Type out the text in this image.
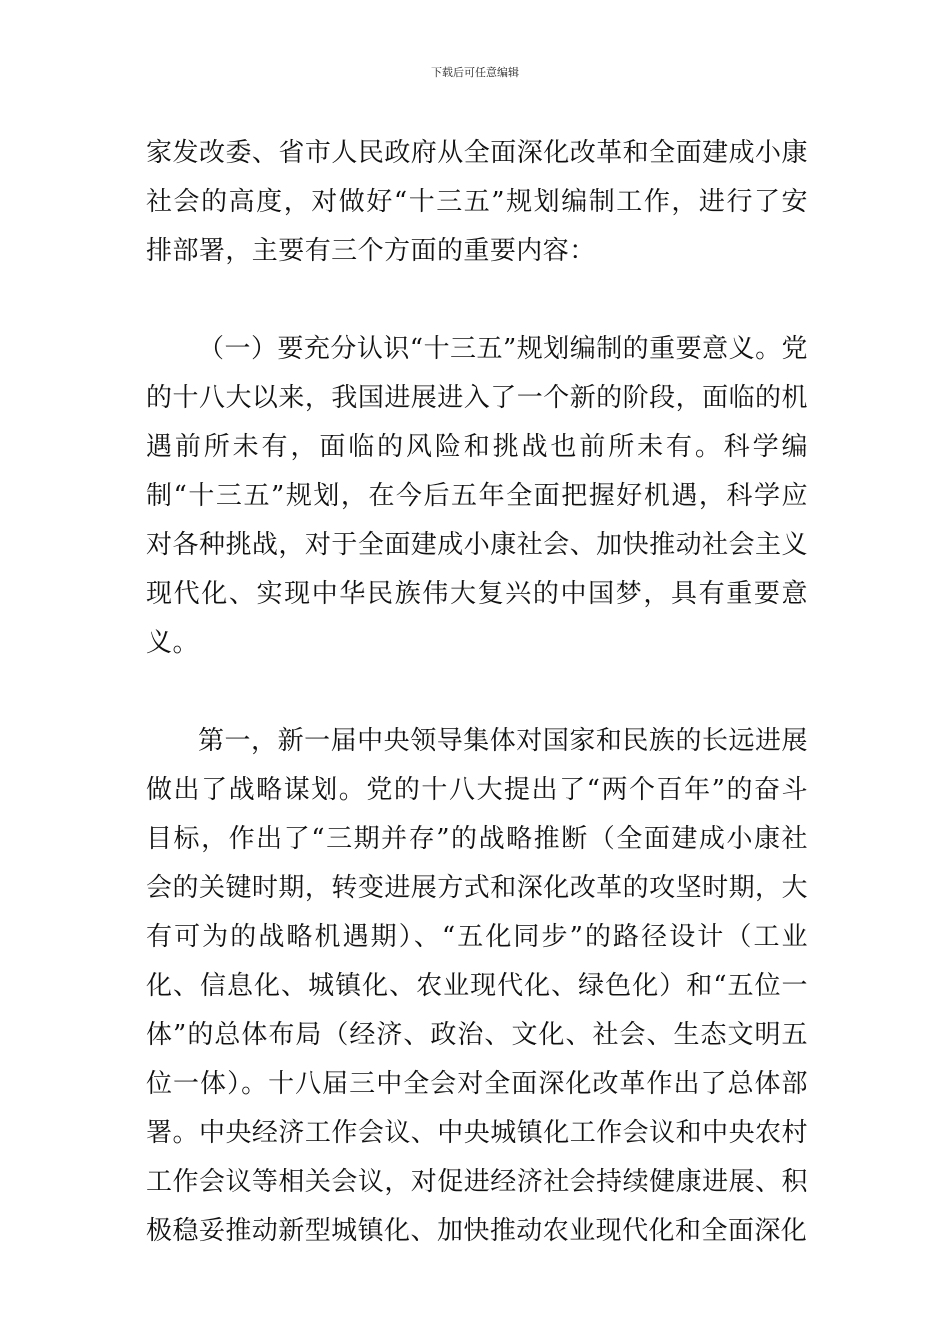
下载后可任意编辑

家发改委、省市人民政府从全面深化改革和全面建成小康社会的高度，对做好“十三五”规划编制工作，进行了安排部署，主要有三个方面的重要内容：

（一）要充分认识“十三五”规划编制的重要意义。党的十八大以来，我国进展进入了一个新的阶段，面临的机遇前所未有，面临的风险和挑战也前所未有。科学编制“十三五”规划，在今后五年全面把握好机遇，科学应对各种挑战，对于全面建成小康社会、加快推动社会主义现代化、实现中华民族伟大复兴的中国梦，具有重要意义。

第一，新一届中央领导集体对国家和民族的长远进展做出了战略谋划。党的十八大提出了“两个百年”的奋斗目标，作出了“三期并存”的战略推断（全面建成小康社会的关键时期，转变进展方式和深化改革的攻坚时期，大有可为的战略机遇期）、“五化同步”的路径设计（工业化、信息化、城镇化、农业现代化、绿色化）和“五位一体”的总体布局（经济、政治、文化、社会、生态文明五位一体）。十八届三中全会对全面深化改革作出了总体部署。中央经济工作会议、中央城镇化工作会议和中央农村工作会议等相关会议，对促进经济社会持续健康进展、积极稳妥推动新型城镇化、加快推动农业现代化和全面深化
